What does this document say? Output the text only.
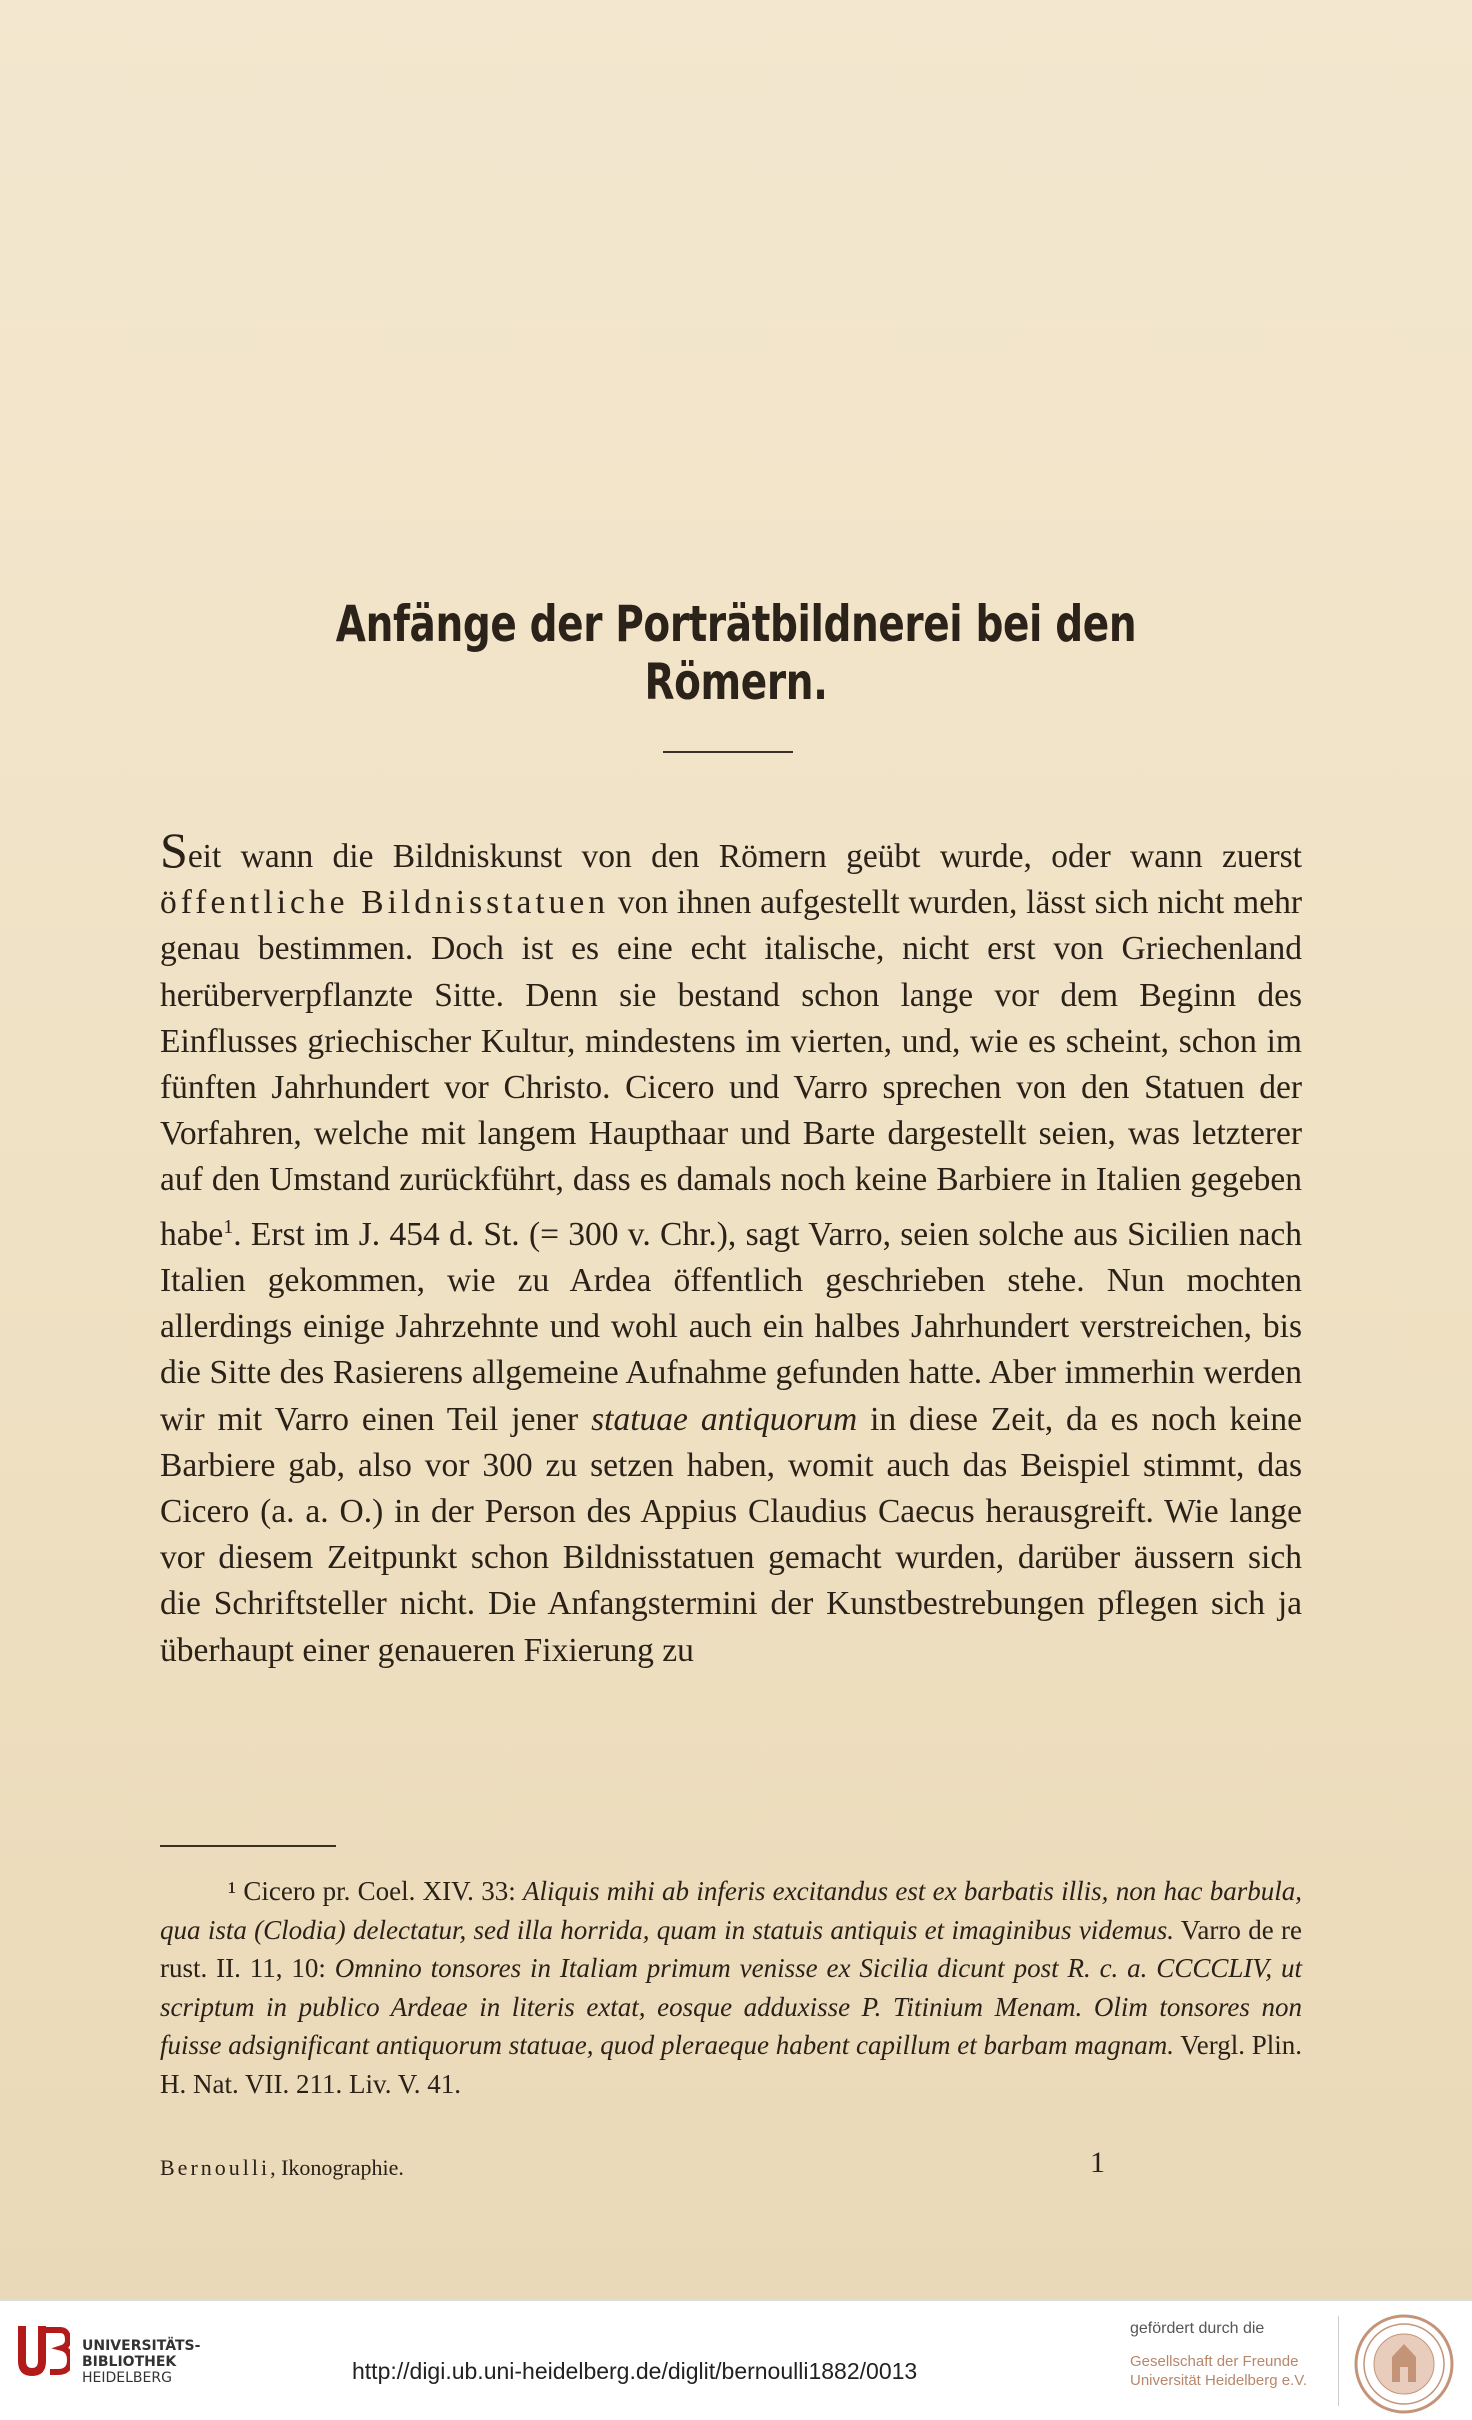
Anfänge der Porträtbildnerei bei den Römern.

Seit wann die Bildniskunst von den Römern geübt wurde, oder wann zuerst öffentliche Bildnisstatuen von ihnen aufgestellt wurden, lässt sich nicht mehr genau bestimmen. Doch ist es eine echt italische, nicht erst von Griechenland herüberverpflanzte Sitte. Denn sie bestand schon lange vor dem Beginn des Einflusses griechischer Kultur, mindestens im vierten, und, wie es scheint, schon im fünften Jahrhundert vor Christo. Cicero und Varro sprechen von den Statuen der Vorfahren, welche mit langem Haupthaar und Barte dargestellt seien, was letzterer auf den Umstand zurückführt, dass es damals noch keine Barbiere in Italien gegeben habe$^1$. Erst im J. 454 d. St. (= 300 v. Chr.), sagt Varro, seien solche aus Sicilien nach Italien gekommen, wie zu Ardea öffentlich geschrieben stehe. Nun mochten allerdings einige Jahrzehnte und wohl auch ein halbes Jahrhundert verstreichen, bis die Sitte des Rasierens allgemeine Aufnahme gefunden hatte. Aber immerhin werden wir mit Varro einen Teil jener statuae antiquorum in diese Zeit, da es noch keine Barbiere gab, also vor 300 zu setzen haben, womit auch das Beispiel stimmt, das Cicero (a. a. O.) in der Person des Appius Claudius Caecus herausgreift. Wie lange vor diesem Zeitpunkt schon Bildnisstatuen gemacht wurden, darüber äussern sich die Schriftsteller nicht. Die Anfangstermini der Kunstbestrebungen pflegen sich ja überhaupt einer genaueren Fixierung zu

¹ Cicero pr. Coel. XIV. 33: Aliquis mihi ab inferis excitandus est ex barbatis illis, non hac barbula, qua ista (Clodia) delectatur, sed illa horrida, quam in statuis antiquis et imaginibus videmus. Varro de re rust. II. 11, 10: Omnino tonsores in Italiam primum venisse ex Sicilia dicunt post R. c. a. CCCCLIV, ut scriptum in publico Ardeae in literis extat, eosque adduxisse P. Titinium Menam. Olim tonsores non fuisse adsignificant antiquorum statuae, quod pleraeque habent capillum et barbam magnam. Vergl. Plin. H. Nat. VII. 211. Liv. V. 41.

Bernoulli, Ikonographie.	1
UNIVERSITÄTS-
BIBLIOTHEK
HEIDELBERG	http://digi.ub.uni-heidelberg.de/diglit/bernoulli1882/0013
gefördert durch die
Gesellschaft der Freunde
Universität Heidelberg e.V.
